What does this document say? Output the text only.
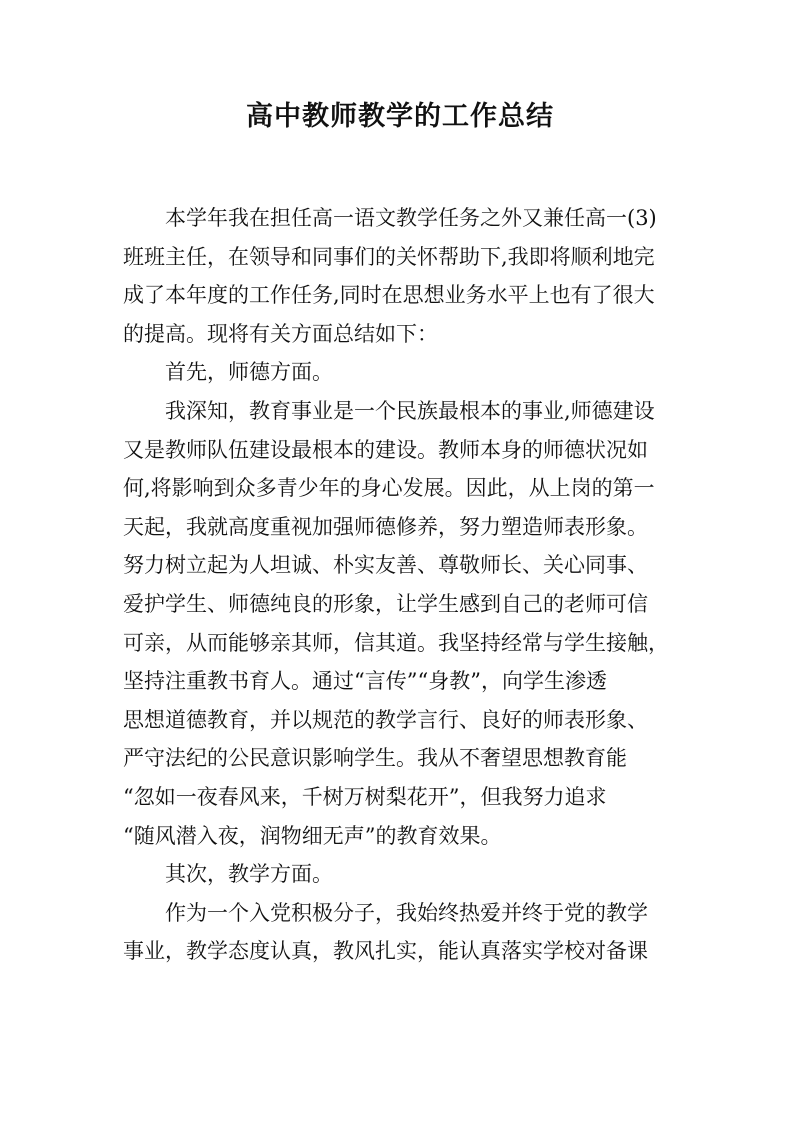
高中教师教学的工作总结
　　本学年我在担任高一语文教学任务之外又兼任高一(3)
班班主任，在领导和同事们的关怀帮助下,我即将顺利地完
成了本年度的工作任务,同时在思想业务水平上也有了很大
的提高。现将有关方面总结如下：
　　首先，师德方面。
　　我深知，教育事业是一个民族最根本的事业,师德建设
又是教师队伍建设最根本的建设。教师本身的师德状况如
何,将影响到众多青少年的身心发展。因此，从上岗的第一
天起，我就高度重视加强师德修养，努力塑造师表形象。
努力树立起为人坦诚、朴实友善、尊敬师长、关心同事、
爱护学生、师德纯良的形象，让学生感到自己的老师可信
可亲，从而能够亲其师，信其道。我坚持经常与学生接触，
坚持注重教书育人。通过“言传”“身教”，向学生渗透
思想道德教育，并以规范的教学言行、良好的师表形象、
严守法纪的公民意识影响学生。我从不奢望思想教育能
“忽如一夜春风来，千树万树梨花开”，但我努力追求
“随风潜入夜，润物细无声”的教育效果。
　　其次，教学方面。
　　作为一个入党积极分子，我始终热爱并终于党的教学
事业，教学态度认真，教风扎实，能认真落实学校对备课
